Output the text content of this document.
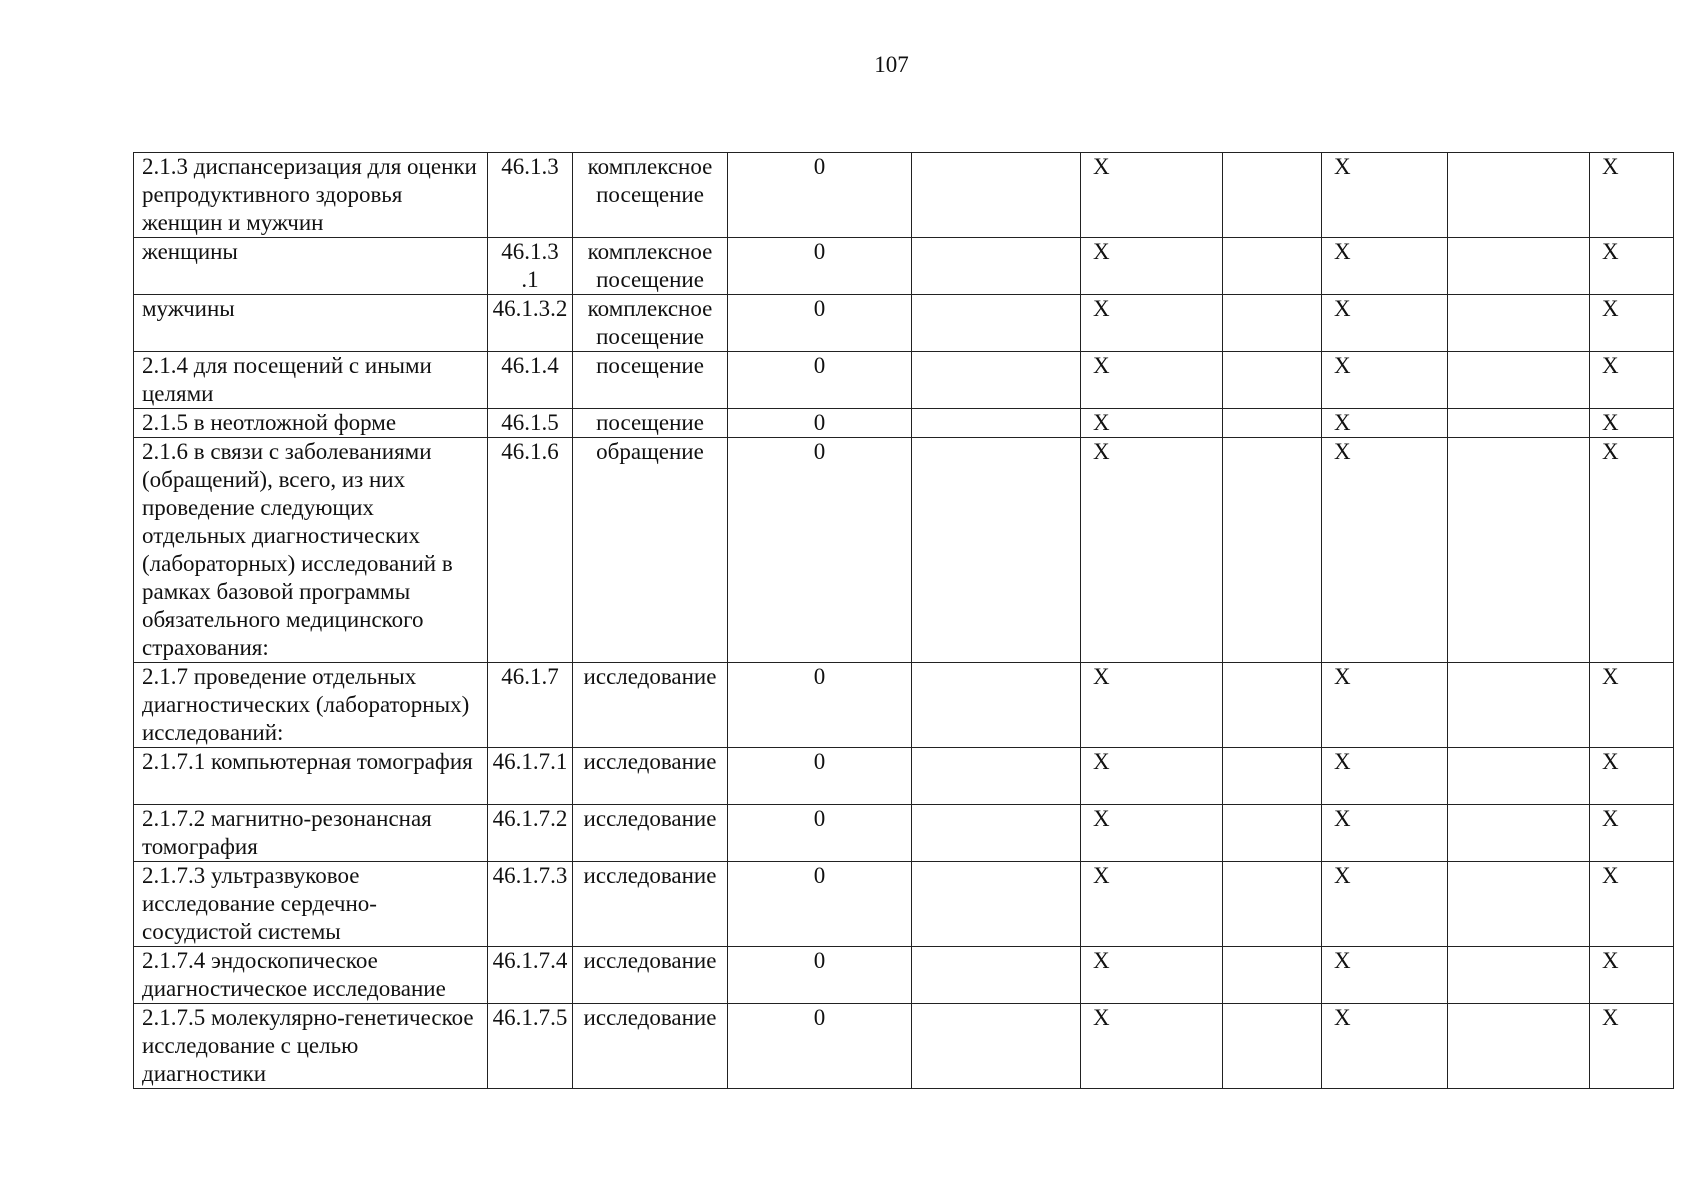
107
2.1.3 диспансеризация для оценки репродуктивного здоровья женщин и мужчин	46.1.3	комплексное посещение	0		X		X		X
женщины	46.1.3 .1	комплексное посещение	0		X		X		X
мужчины	46.1.3.2	комплексное посещение	0		X		X		X
2.1.4 для посещений с иными целями	46.1.4	посещение	0		X		X		X
2.1.5 в неотложной форме	46.1.5	посещение	0		X		X		X
2.1.6 в связи с заболеваниями (обращений), всего, из них проведение следующих отдельных диагностических (лабораторных) исследований в рамках базовой программы обязательного медицинского страхования:	46.1.6	обращение	0		X		X		X
2.1.7 проведение отдельных диагностических (лабораторных) исследований:	46.1.7	исследование	0		X		X		X
2.1.7.1 компьютерная томография	46.1.7.1	исследование	0		X		X		X
2.1.7.2 магнитно-резонансная томография	46.1.7.2	исследование	0		X		X		X
2.1.7.3 ультразвуковое исследование сердечно-сосудистой системы	46.1.7.3	исследование	0		X		X		X
2.1.7.4 эндоскопическое диагностическое исследование	46.1.7.4	исследование	0		X		X		X
2.1.7.5 молекулярно-генетическое исследование с целью диагностики	46.1.7.5	исследование	0		X		X		X
